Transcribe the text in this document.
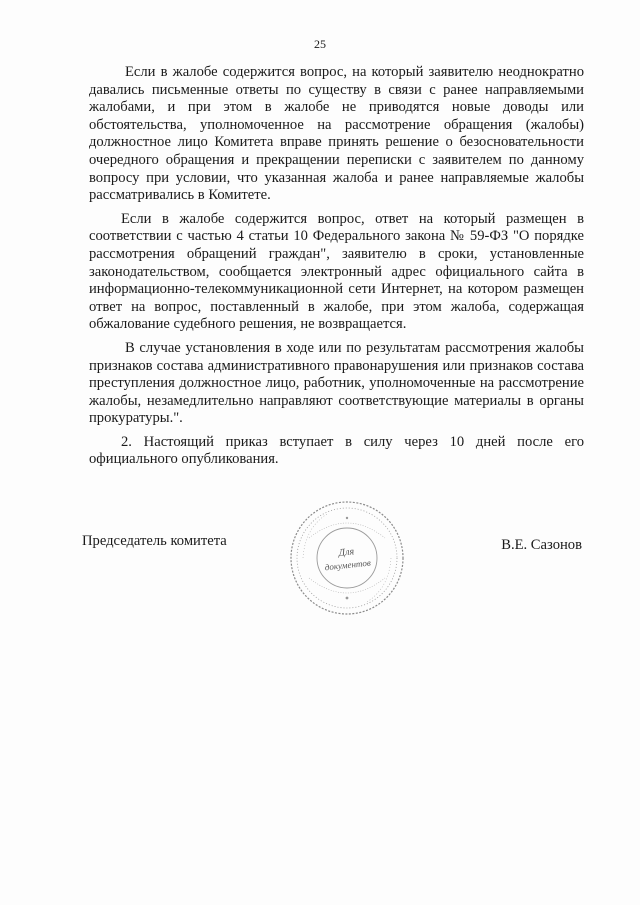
25

Если в жалобе содержится вопрос, на который заявителю неоднократно давались письменные ответы по существу в связи с ранее направляемыми жалобами, и при этом в жалобе не приводятся новые доводы или обстоятельства, уполномоченное на рассмотрение обращения (жалобы) должностное лицо Комитета вправе принять решение о безосновательности очередного обращения и прекращении переписки с заявителем по данному вопросу при условии, что указанная жалоба и ранее направляемые жалобы рассматривались в Комитете.

Если в жалобе содержится вопрос, ответ на который размещен в соответствии с частью 4 статьи 10 Федерального закона № 59-ФЗ "О порядке рассмотрения обращений граждан", заявителю в сроки, установленные законодательством, сообщается электронный адрес официального сайта в информационно-телекоммуникационной сети Интернет, на котором размещен ответ на вопрос, поставленный в жалобе, при этом жалоба, содержащая обжалование судебного решения, не возвращается.

В случае установления в ходе или по результатам рассмотрения жалобы признаков состава административного правонарушения или признаков состава преступления должностное лицо, работник, уполномоченные на рассмотрение жалобы, незамедлительно направляют соответствующие материалы в органы прокуратуры.".

2. Настоящий приказ вступает в силу через 10 дней после его официального опубликования.

Председатель комитета	В.Е. Сазонов
Для
документов
